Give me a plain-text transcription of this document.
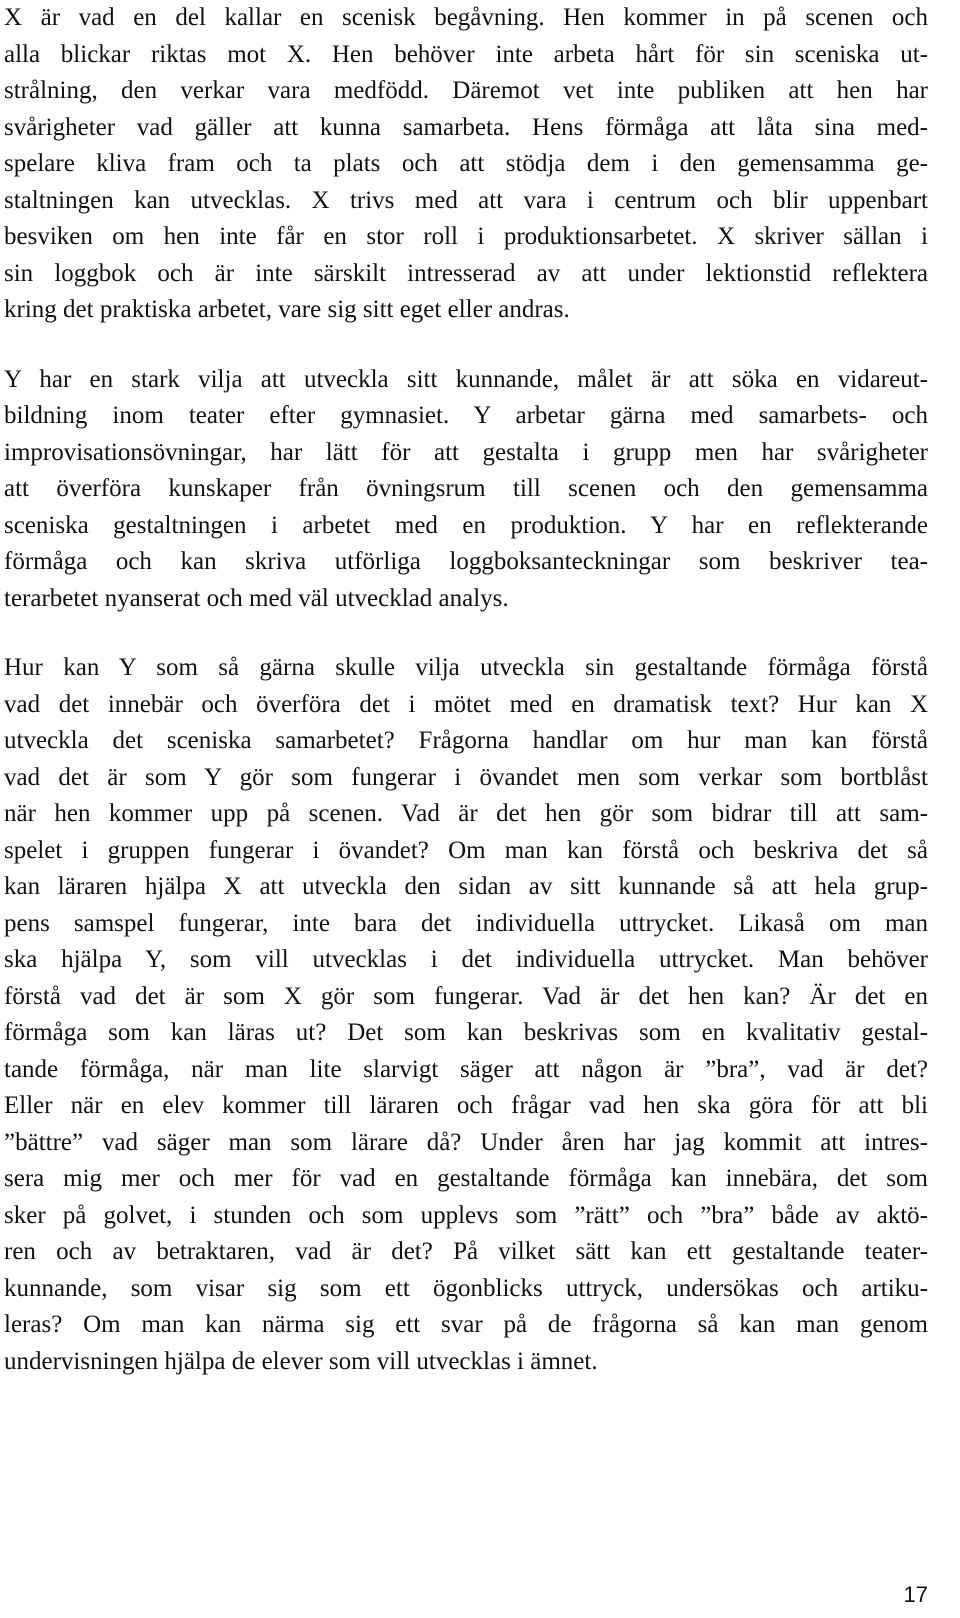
X är vad en del kallar en scenisk begåvning. Hen kommer in på scenen och
alla blickar riktas mot X. Hen behöver inte arbeta hårt för sin sceniska ut-
strålning, den verkar vara medfödd. Däremot vet inte publiken att hen har
svårigheter vad gäller att kunna samarbeta. Hens förmåga att låta sina med-
spelare kliva fram och ta plats och att stödja dem i den gemensamma ge-
staltningen kan utvecklas. X trivs med att vara i centrum och blir uppenbart
besviken om hen inte får en stor roll i produktionsarbetet. X skriver sällan i
sin loggbok och är inte särskilt intresserad av att under lektionstid reflektera
kring det praktiska arbetet, vare sig sitt eget eller andras.

Y har en stark vilja att utveckla sitt kunnande, målet är att söka en vidareut-
bildning inom teater efter gymnasiet. Y arbetar gärna med samarbets- och
improvisationsövningar, har lätt för att gestalta i grupp men har svårigheter
att överföra kunskaper från övningsrum till scenen och den gemensamma
sceniska gestaltningen i arbetet med en produktion. Y har en reflekterande
förmåga och kan skriva utförliga loggboksanteckningar som beskriver tea-
terarbetet nyanserat och med väl utvecklad analys.

Hur kan Y som så gärna skulle vilja utveckla sin gestaltande förmåga förstå
vad det innebär och överföra det i mötet med en dramatisk text? Hur kan X
utveckla det sceniska samarbetet? Frågorna handlar om hur man kan förstå
vad det är som Y gör som fungerar i övandet men som verkar som bortblåst
när hen kommer upp på scenen. Vad är det hen gör som bidrar till att sam-
spelet i gruppen fungerar i övandet? Om man kan förstå och beskriva det så
kan läraren hjälpa X att utveckla den sidan av sitt kunnande så att hela grup-
pens samspel fungerar, inte bara det individuella uttrycket. Likaså om man
ska hjälpa Y, som vill utvecklas i det individuella uttrycket. Man behöver
förstå vad det är som X gör som fungerar. Vad är det hen kan? Är det en
förmåga som kan läras ut? Det som kan beskrivas som en kvalitativ gestal-
tande förmåga, när man lite slarvigt säger att någon är ”bra”, vad är det?
Eller när en elev kommer till läraren och frågar vad hen ska göra för att bli
”bättre” vad säger man som lärare då? Under åren har jag kommit att intres-
sera mig mer och mer för vad en gestaltande förmåga kan innebära, det som
sker på golvet, i stunden och som upplevs som ”rätt” och ”bra” både av aktö-
ren och av betraktaren, vad är det? På vilket sätt kan ett gestaltande teater-
kunnande, som visar sig som ett ögonblicks uttryck, undersökas och artiku-
leras? Om man kan närma sig ett svar på de frågorna så kan man genom
undervisningen hjälpa de elever som vill utvecklas i ämnet.

17
